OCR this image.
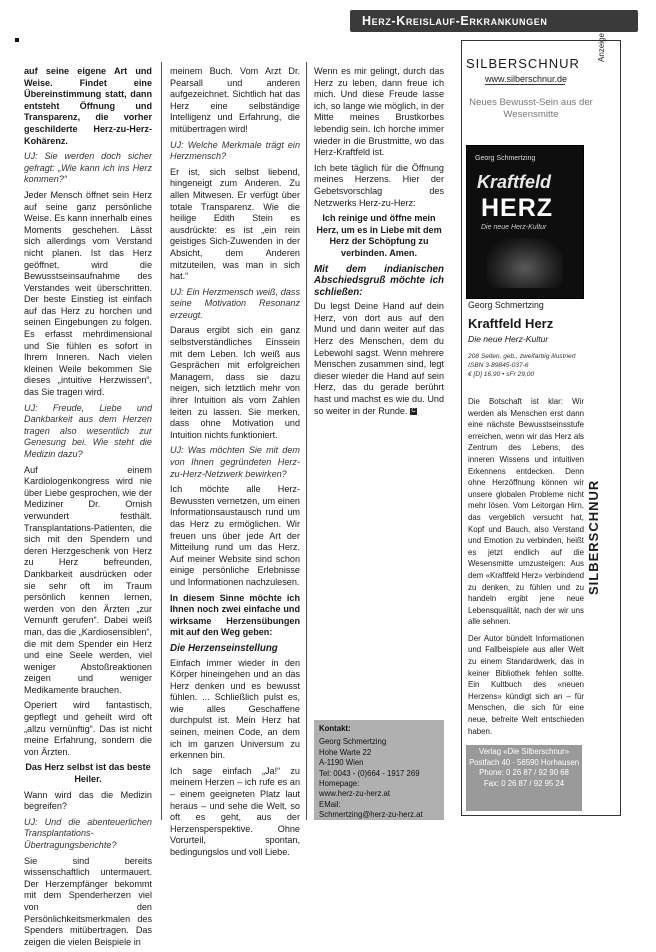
Herz-Kreislauf-Erkrankungen

auf seine eigene Art und Weise. Findet eine Übereinstimmung statt, dann entsteht Öffnung und Transparenz, die vorher geschilderte Herz-zu-Herz-Kohärenz.

UJ: Sie werden doch sicher gefragt: „Wie kann ich ins Herz kommen?“

Jeder Mensch öffnet sein Herz auf seine ganz persönliche Weise. Es kann innerhalb eines Moments geschehen. Lässt sich allerdings vom Verstand nicht planen. Ist das Herz geöffnet, wird die Bewusstseinsaufnahme des Verstandes weit überschritten. Der beste Einstieg ist einfach auf das Herz zu horchen und seinen Eingebungen zu folgen. Es erfasst mehrdimensional und Sie fühlen es sofort in Ihrem Inneren. Nach vielen kleinen Weile bekommen Sie dieses „intuitive Herzwissen“, das Sie tragen wird.

UJ: Freude, Liebe und Dankbarkeit aus dem Herzen tragen also wesentlich zur Genesung bei. Wie steht die Medizin dazu?

Auf einem Kardiologenkongress wird nie über Liebe gesprochen, wie der Mediziner Dr. Ornish verwundert festhält. Transplantations-Patienten, die sich mit den Spendern und deren Herzgeschenk von Herz zu Herz befreunden, Dankbarkeit ausdrücken oder sie sehr oft im Traum persönlich kennen lernen, werden von den Ärzten „zur Vernunft gerufen“. Dabei weiß man, das die „Kardiosensiblen“, die mit dem Spender ein Herz und eine Seele werden, viel weniger Abstoßreaktionen zeigen und weniger Medikamente brauchen.

Operiert wird fantastisch, gepflegt und geheilt wird oft „allzu vernünftig“. Das ist nicht meine Erfahrung, sondern die von Ärzten.

Das Herz selbst ist das beste Heiler.

Wann wird das die Medizin begreifen?

UJ: Und die abenteuerlichen Transplantations-Übertragungsberichte?

Sie sind bereits wissenschaftlich untermauert. Der Herzempfänger bekommt mit dem Spenderherzen viel von den Persönlichkeitsmerkmalen des Spenders mitübertragen. Das zeigen die vielen Beispiele in

meinem Buch. Vom Arzt Dr. Pearsall und anderen aufgezeichnet. Sichtlich hat das Herz eine selbständige Intelligenz und Erfahrung, die mitübertragen wird!

UJ: Welche Merkmale trägt ein Herzmensch?

Er ist, sich selbst liebend, hingeneigt zum Anderen. Zu allen Mitwesen. Er verfügt über totale Transparenz. Wie die heilige Edith Stein es ausdrückte: es ist „ein rein geistiges Sich-Zuwenden in der Absicht, dem Anderen mitzuteilen, was man in sich hat.“

UJ: Ein Herzmensch weiß, dass seine Motivation Resonanz erzeugt.

Daraus ergibt sich ein ganz selbstverständliches Einssein mit dem Leben. Ich weiß aus Gesprächen mit erfolgreichen Managern, dass sie dazu neigen, sich letztlich mehr von ihrer Intuition als vom Zahlen leiten zu lassen. Sie merken, dass ohne Motivation und Intuition nichts funktioniert.

UJ: Was möchten Sie mit dem von Ihnen gegründeten Herz-zu-Herz-Netzwerk bewirken?

Ich möchte alle Herz-Bewussten vernetzen, um einen Informationsaustausch rund um das Herz zu ermöglichen. Wir freuen uns über jede Art der Mitteilung rund um das Herz. Auf meiner Website sind schon einige persönliche Erlebnisse und Informationen nachzulesen.

In diesem Sinne möchte ich Ihnen noch zwei einfache und wirksame Herzensübungen mit auf den Weg geben:

Die Herzenseinstellung

Einfach immer wieder in den Körper hineingehen und an das Herz denken und es bewusst fühlen. ... Schließlich pulst es, wie alles Geschaffene durchpulst ist. Mein Herz hat seinen, meinen Code, an dem ich im ganzen Universum zu erkennen bin.

Ich sage einfach „Ja!“ zu meinem Herzen – ich rufe es an – einem geeigneten Platz laut heraus – und sehe die Welt, so oft es geht, aus der Herzensperspektive. Ohne Vorurteil, spontan, bedingungslos und voll Liebe.

Wenn es mir gelingt, durch das Herz zu leben, dann freue ich mich. Und diese Freude lasse ich, so lange wie möglich, in der Mitte meines Brustkorbes lebendig sein. Ich horche immer wieder in die Brustmitte, wo das Herz-Kraftfeld ist.

Ich bete täglich für die Öffnung meines Herzens. Hier der Gebetsvorschlag des Netzwerks Herz-zu-Herz:

Ich reinige und öffne mein Herz, um es in Liebe mit dem Herz der Schöpfung zu verbinden. Amen.

Mit dem indianischen Abschiedsgruß möchte ich schließen:

Du legst Deine Hand auf dein Herz, von dort aus auf den Mund und dann weiter auf das Herz des Menschen, dem du Lebewohl sagst. Wenn mehrere Menschen zusammen sind, legt dieser wieder die Hand auf sein Herz, das du gerade berührt hast und machst es wie du. Und so weiter in der Runde. C

Kontakt:
Georg Schmertzing
Hohe Warte 22
A-1190 Wien
Tel: 0043 - (0)664 - 1917 269
Homepage:
www.herz-zu-herz.at
EMail:
Schmertzing@herz-zu-herz.at
SILBERSCHNUR
www.silberschnur.de
Anzeige
Neues Bewusst-Sein aus der Wesensmitte
Georg Schmertzing
Kraftfeld
HERZ
Die neue Herz-Kultur
Georg Schmertzing
Kraftfeld Herz
Die neue Herz-Kultur
208 Seiten, geb., zweifarbig illustriert
ISBN 3-89845-037-6
€ [D] 16,90 • sFr 29,00

Die Botschaft ist klar: Wir werden als Menschen erst dann eine nächste Bewusstseinsstufe erreichen, wenn wir das Herz als Zentrum des Lebens, des inneren Wissens und intuitiven Erkennens entdecken. Denn ohne Herzöffnung können wir unsere globalen Probleme nicht mehr lösen. Vom Leitorgan Hirn, das vergeblich versucht hat, Kopf und Bauch, also Verstand und Emotion zu verbinden, heißt es jetzt endlich auf die Wesensmitte umzusteigen: Aus dem «Kraftfeld Herz» verbindend zu denken, zu fühlen und zu handeln ergibt jene neue Lebensqualität, nach der wir uns alle sehnen.

Der Autor bündelt Informationen und Fallbeispiele aus aller Welt zu einem Standardwerk, das in keiner Bibliothek fehlen sollte. Ein Kultbuch des «neuen Herzens» kündigt sich an – für Menschen, die sich für eine neue, befreite Welt entschieden haben.

SILBERSCHNUR
Verlag «Die Silberschnur»
Postfach 40 · 56590 Horhausen
Phone: 0 26 87 / 92 90 68
Fax: 0 26 87 / 92 95 24
